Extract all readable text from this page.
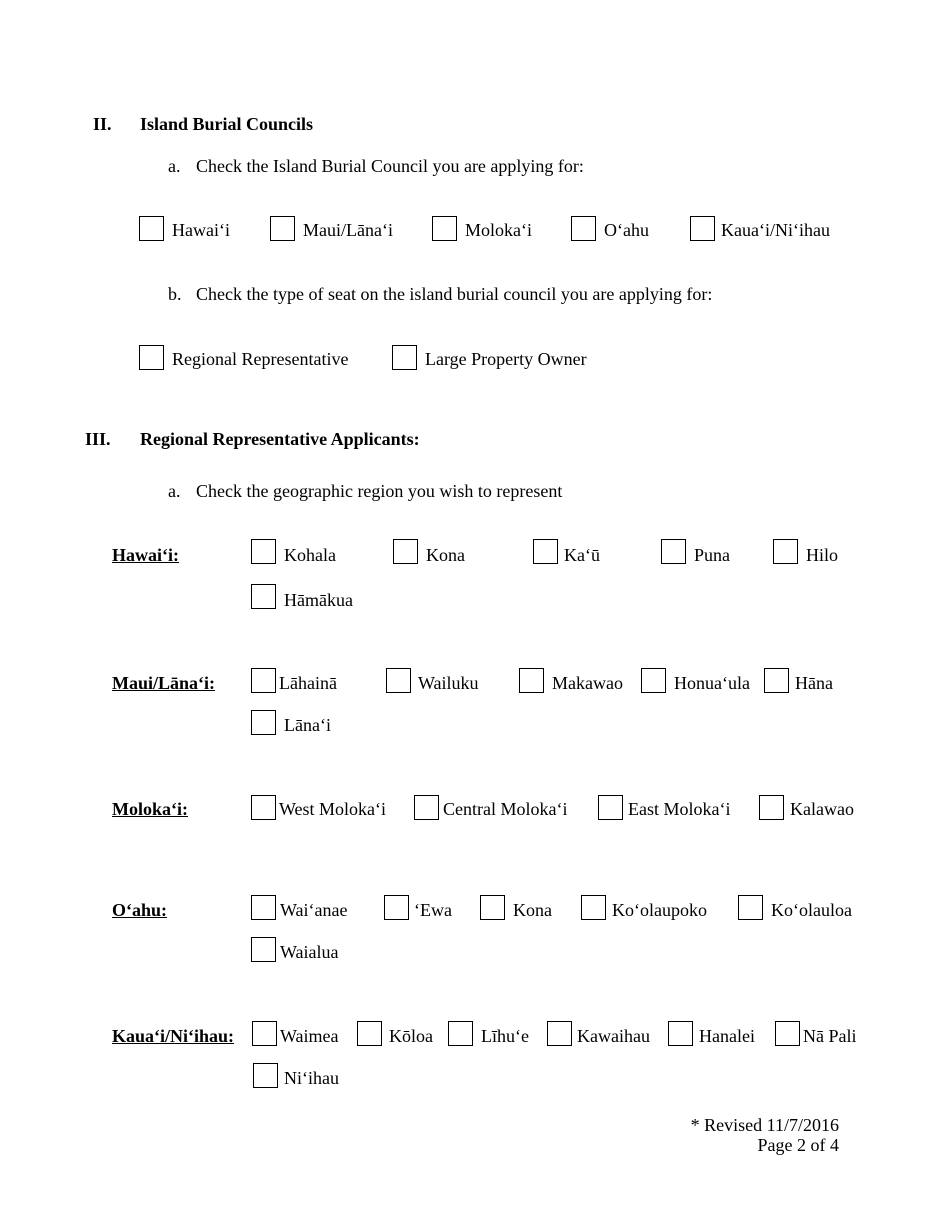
II. Island Burial Councils
a. Check the Island Burial Council you are applying for:
Hawai‘i	Maui/Lāna‘i	Moloka‘i	O‘ahu	Kaua‘i/Ni‘ihau
b. Check the type of seat on the island burial council you are applying for:
Regional Representative	Large Property Owner
III. Regional Representative Applicants:
a. Check the geographic region you wish to represent
Hawai‘i:	Kohala	Kona	Ka‘ū	Puna	Hilo
Hāmākua
Maui/Lāna‘i:	Lāhainā	Wailuku	Makawao	Honua‘ula	Hāna
Lāna‘i
Moloka‘i:	West Moloka‘i	Central Moloka‘i	East Moloka‘i	Kalawao
O‘ahu:	Wai‘anae	‘Ewa	Kona	Ko‘olaupoko	Ko‘olauloa
Waialua
Kaua‘i/Ni‘ihau:	Waimea	Kōloa	Līhu‘e	Kawaihau	Hanalei	Nā Pali
Ni‘ihau
* Revised 11/7/2016
Page 2 of 4
